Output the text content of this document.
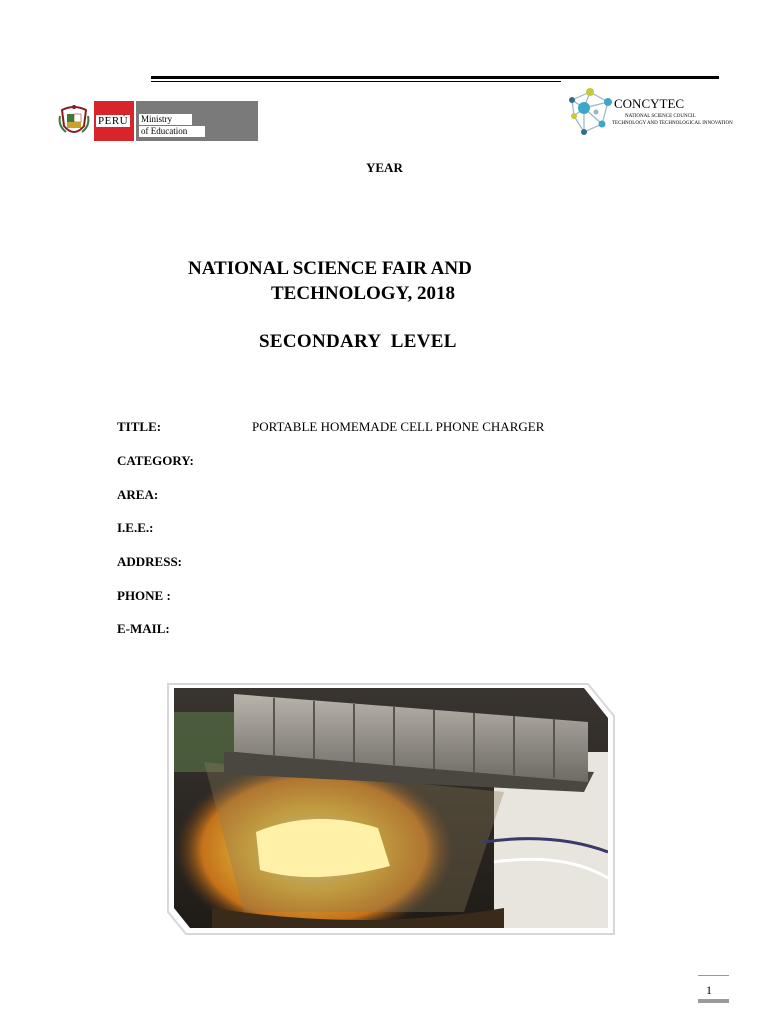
PERÚ Ministry
of Education
CONCYTEC
NATIONAL SCIENCE COUNCIL
TECHNOLOGY AND TECHNOLOGICAL INNOVATION
YEAR
NATIONAL SCIENCE FAIR AND
TECHNOLOGY, 2018
SECONDARY  LEVEL
TITLE:	PORTABLE HOMEMADE CELL PHONE CHARGER
CATEGORY:
AREA:
I.E.E.:
ADDRESS:
PHONE :
E-MAIL:
1
